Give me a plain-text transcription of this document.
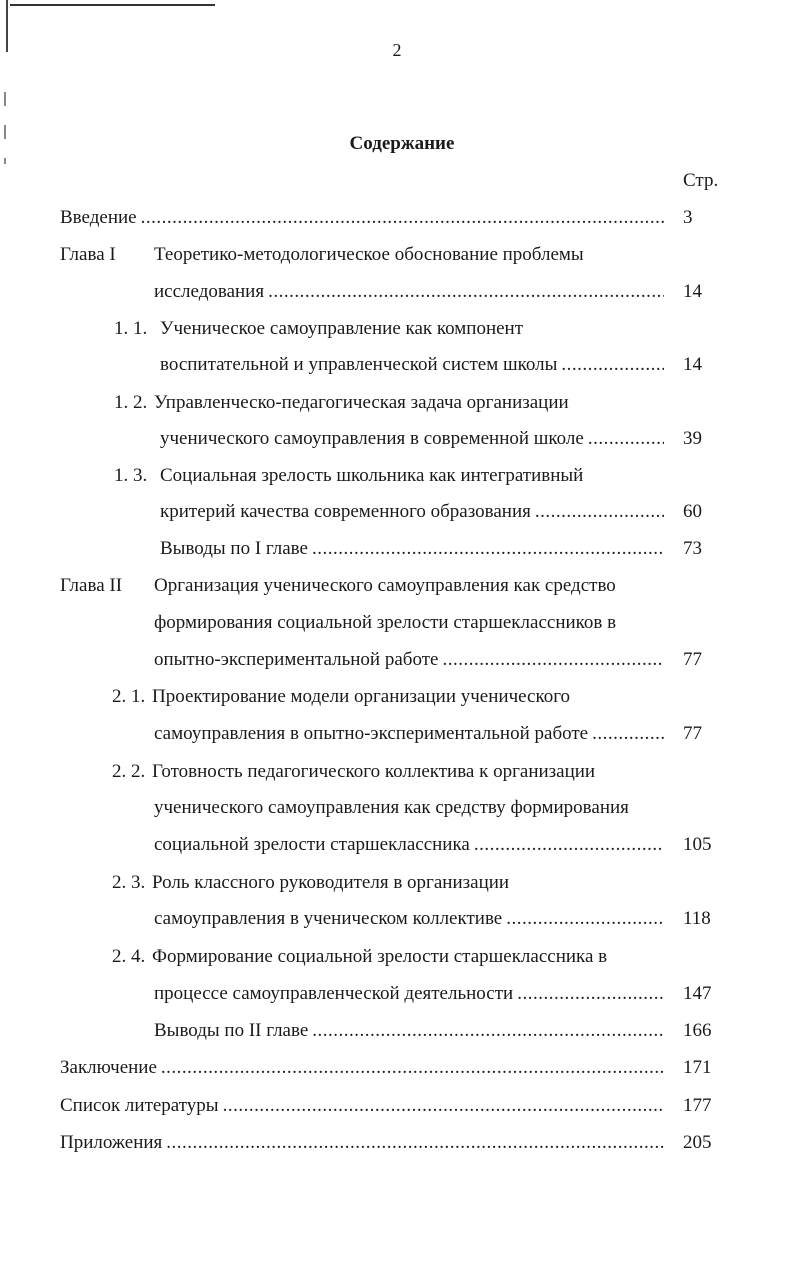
2
Содержание
Стр.
Введение .....	3
Глава I Теоретико-методологическое обоснование проблемы
исследования .....	14
1. 1. Ученическое самоуправление как компонент
воспитательной и управленческой систем школы .....	14
1. 2. Управленческо-педагогическая задача организации
ученического самоуправления в современной школе .....	39
1. 3. Социальная зрелость школьника как интегративный
критерий качества современного образования .....	60
Выводы по I главе .....	73
Глава II Организация ученического самоуправления как средство
формирования социальной зрелости старшеклассников в
опытно-экспериментальной работе .....	77
2. 1. Проектирование модели организации ученического
самоуправления в опытно-экспериментальной работе .....	77
2. 2. Готовность педагогического коллектива к организации
ученического самоуправления как средству формирования
социальной зрелости старшеклассника .....	105
2. 3. Роль классного руководителя в организации
самоуправления в ученическом коллективе .....	118
2. 4. Формирование социальной зрелости старшеклассника в
процессе самоуправленческой деятельности .....	147
Выводы по II главе .....	166
Заключение .....	171
Список литературы .....	177
Приложения .....	205
